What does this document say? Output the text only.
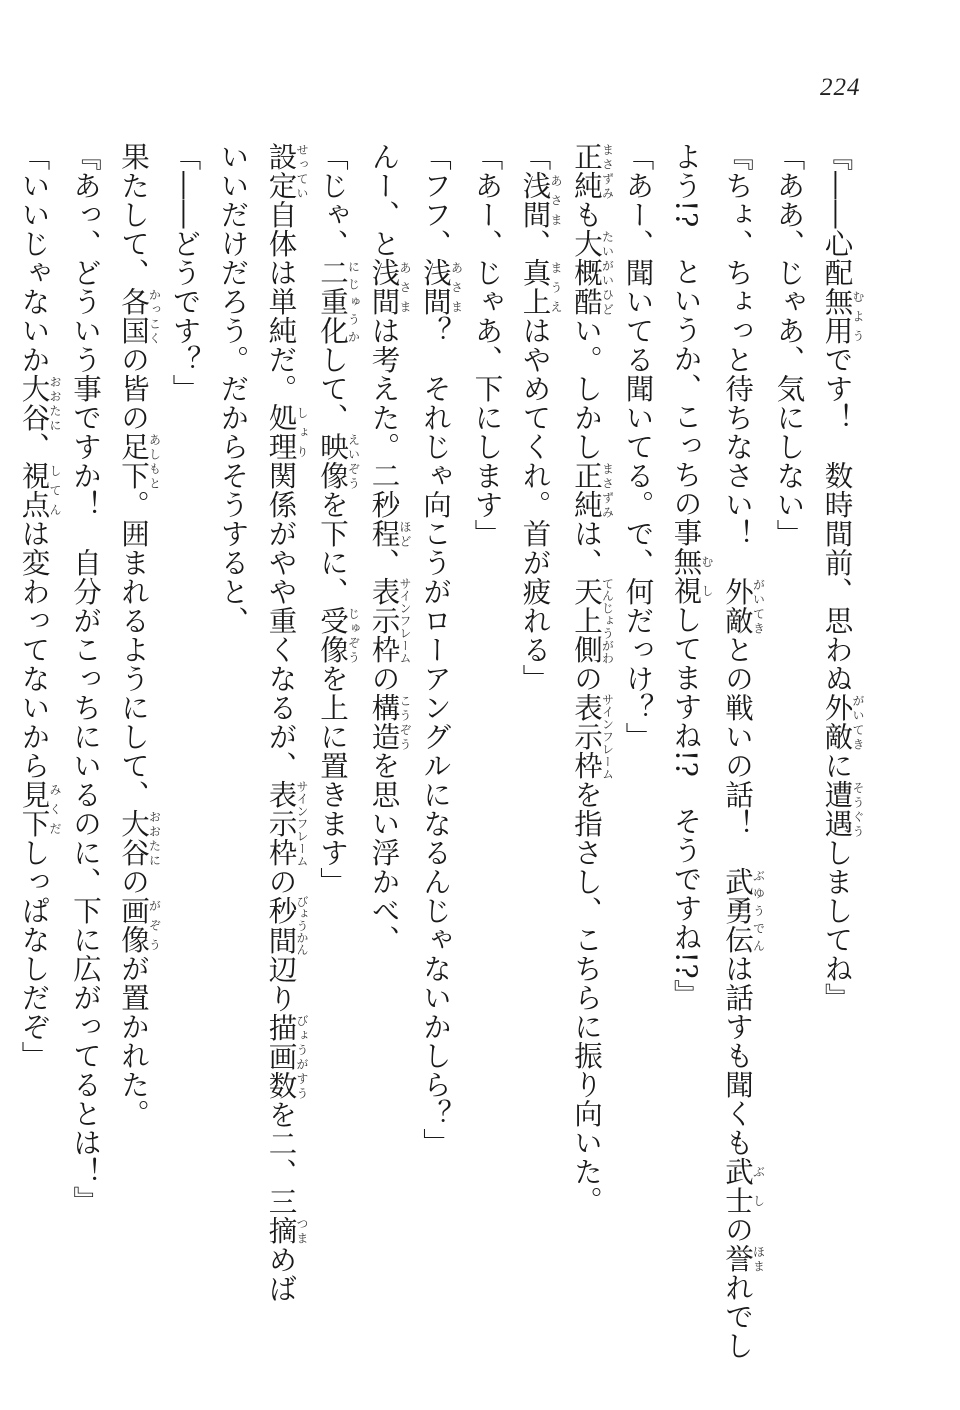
224
『――心配無用むようです！　数時間前、思わぬ外敵がいてきに遭遇そうぐうしましてね』
「ああ、じゃあ、気にしない」
『ちょ、ちょっと待ちなさい！　外敵がいてきとの戦いの話！　武勇伝ぶゆうでんは話すも聞くも武士ぶしの誉ほまれでし
よう!?　というか、こっちの事無視むししてますね!?　そうですね!?』
「あー、聞いてる聞いてる。で、何だっけ？」
正純まさずみも大概酷たいがいひどい。しかし正純まさずみは、天上側てんじょうがわの表示枠サインフレームを指さし、こちらに振り向いた。
「浅間あさま、真上まうえはやめてくれ。首が疲れる」
「あー、じゃあ、下にします」
「フフ、浅間あさま？　それじゃ向こうがローアングルになるんじゃないかしら？」
んー、と浅間あさまは考えた。二秒程ほど、表示枠サインフレームの構造こうぞうを思い浮かべ、
「じゃ、二重化にじゅうかして、映像えいぞうを下に、受像じゅぞうを上に置きます」
設定せってい自体は単純だ。処理しょり関係がやや重くなるが、表示枠サインフレームの秒間びょうかん辺り描画数びょうがすうを二、三摘つまめば
いいだけだろう。だからそうすると、
「――どうです？」
果たして、各国かっこくの皆の足下あしもと。囲まれるようにして、大谷おおたにの画像がぞうが置かれた。
『あっ、どういう事ですか！　自分がこっちにいるのに、下に広がってるとは！』
「いいじゃないか大谷おおたに、視点してんは変わってないから見下みくだしっぱなしだぞ」
